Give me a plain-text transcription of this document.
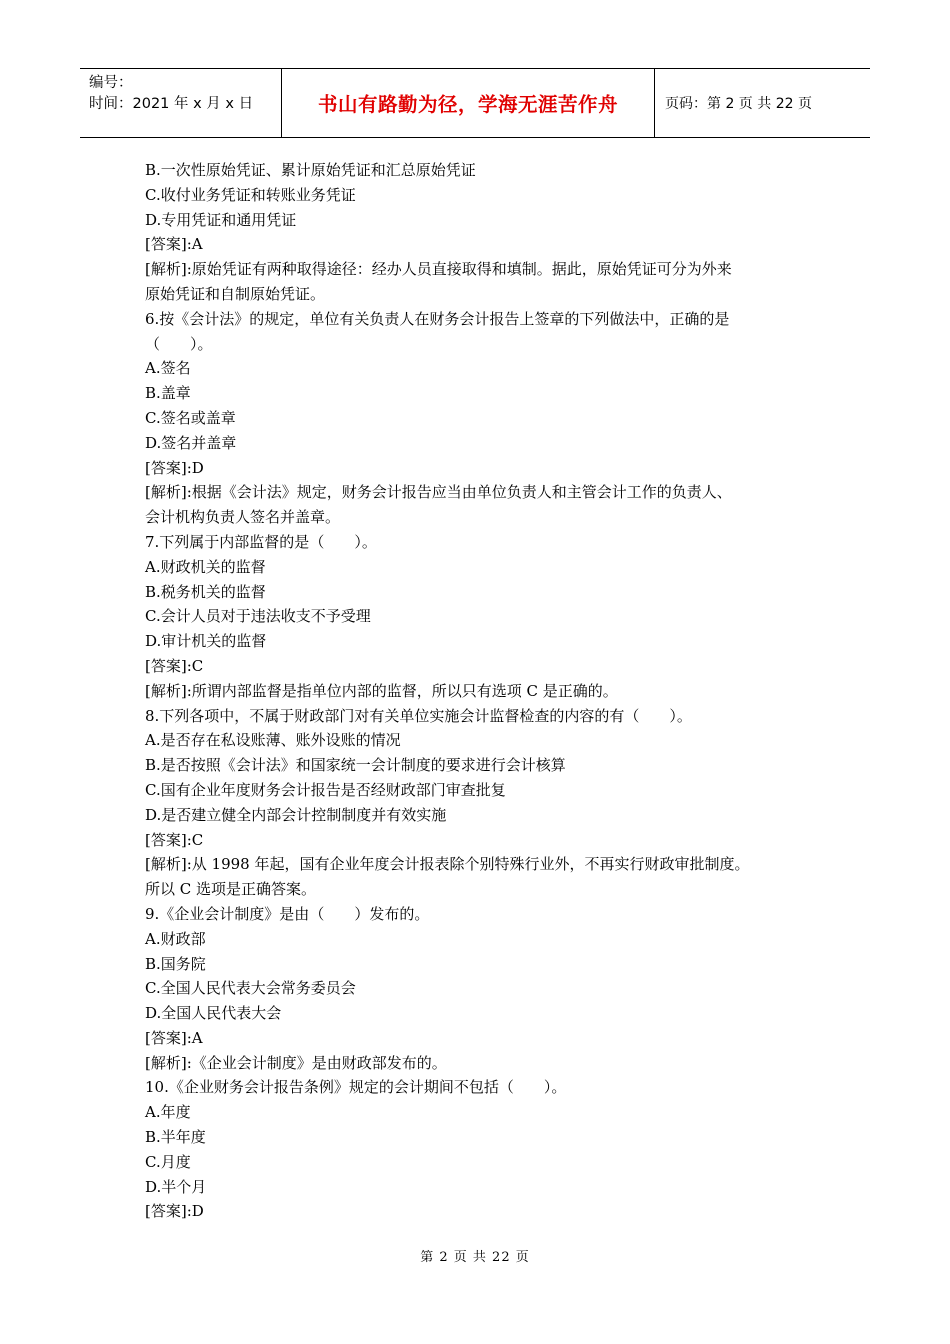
编号：
时间：2021 年 x 月 x 日	书山有路勤为径，学海无涯苦作舟	页码：第 2 页 共 22 页
B.一次性原始凭证、累计原始凭证和汇总原始凭证
C.收付业务凭证和转账业务凭证
D.专用凭证和通用凭证
[答案]:A
[解析]:原始凭证有两种取得途径：经办人员直接取得和填制。据此，原始凭证可分为外来
原始凭证和自制原始凭证。
6.按《会计法》的规定，单位有关负责人在财务会计报告上签章的下列做法中，正确的是
（　　）。
A.签名
B.盖章
C.签名或盖章
D.签名并盖章
[答案]:D
[解析]:根据《会计法》规定，财务会计报告应当由单位负责人和主管会计工作的负责人、
会计机构负责人签名并盖章。
7.下列属于内部监督的是（　　）。
A.财政机关的监督
B.税务机关的监督
C.会计人员对于违法收支不予受理
D.审计机关的监督
[答案]:C
[解析]:所谓内部监督是指单位内部的监督，所以只有选项 C 是正确的。
8.下列各项中，不属于财政部门对有关单位实施会计监督检查的内容的有（　　）。
A.是否存在私设账薄、账外设账的情况
B.是否按照《会计法》和国家统一会计制度的要求进行会计核算
C.国有企业年度财务会计报告是否经财政部门审查批复
D.是否建立健全内部会计控制制度并有效实施
[答案]:C
[解析]:从 1998 年起，国有企业年度会计报表除个别特殊行业外，不再实行财政审批制度。
所以 C 选项是正确答案。
9.《企业会计制度》是由（　　）发布的。
A.财政部
B.国务院
C.全国人民代表大会常务委员会
D.全国人民代表大会
[答案]:A
[解析]:《企业会计制度》是由财政部发布的。
10.《企业财务会计报告条例》规定的会计期间不包括（　　）。
A.年度
B.半年度
C.月度
D.半个月
[答案]:D
第 2 页 共 22 页
